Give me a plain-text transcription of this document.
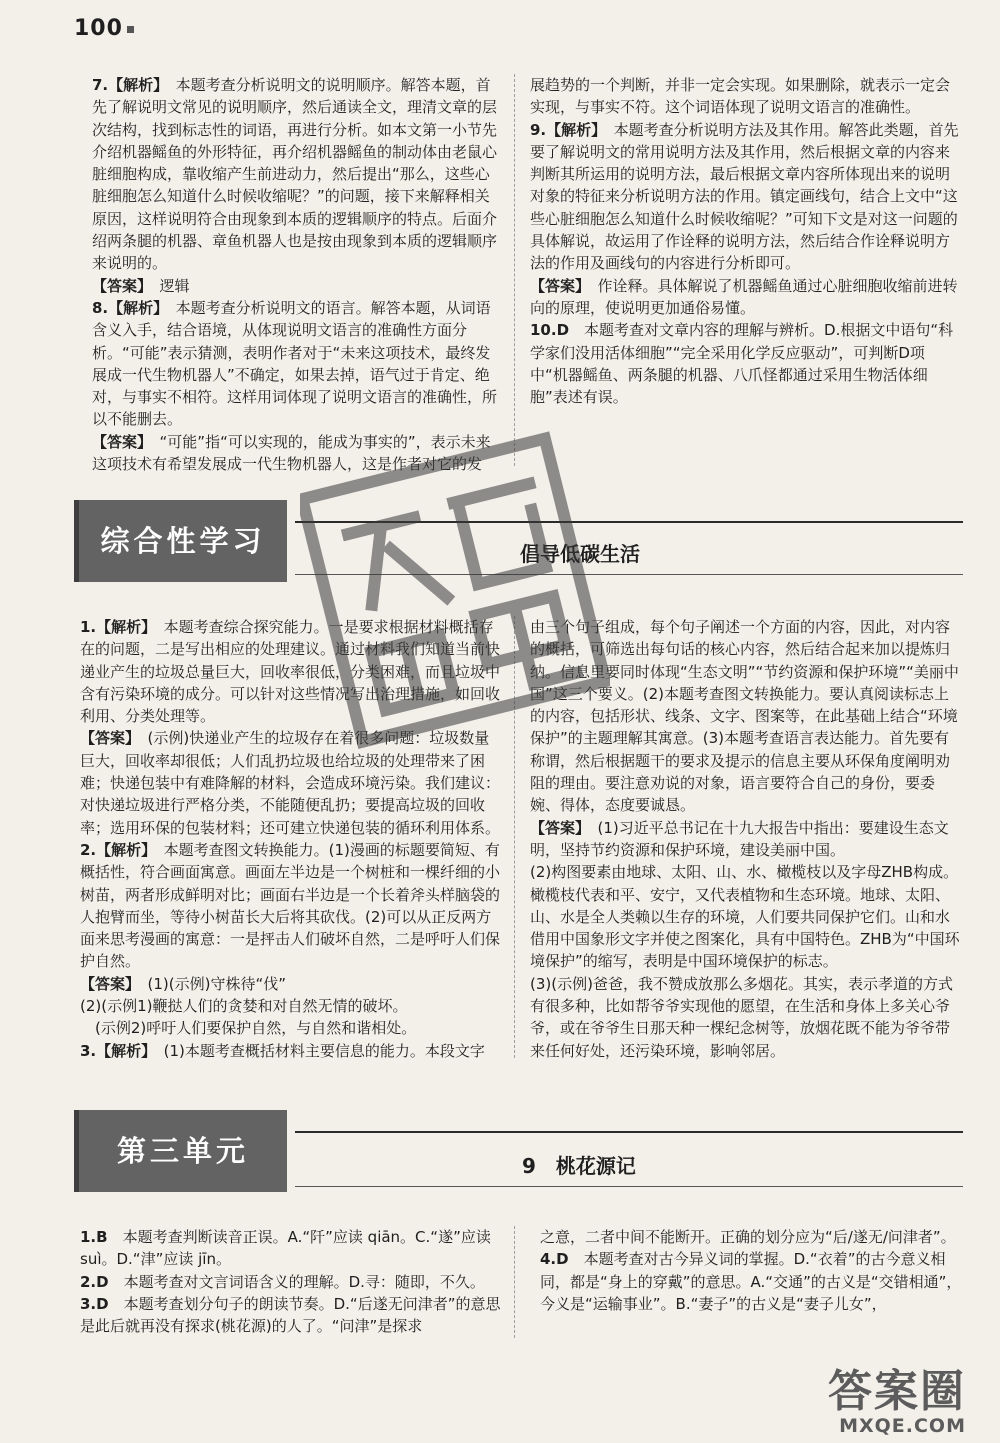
100

7.【解析】　 本题考查分析说明文的说明顺序。解答本题，首先了解说明文常见的说明顺序，然后通读全文，理清文章的层次结构，找到标志性的词语，再进行分析。如本文第一小节先介绍机器鳐鱼的外形特征，再介绍机器鳐鱼的制动体由老鼠心脏细胞构成，靠收缩产生前进动力，然后提出“那么，这些心脏细胞怎么知道什么时候收缩呢？”的问题，接下来解释相关原因，这样说明符合由现象到本质的逻辑顺序的特点。后面介绍两条腿的机器、章鱼机器人也是按由现象到本质的逻辑顺序来说明的。

【答案】　 逻辑

8.【解析】　 本题考查分析说明文的语言。解答本题，从词语含义入手，结合语境，从体现说明文语言的准确性方面分析。“可能”表示猜测，表明作者对于“未来这项技术，最终发展成一代生物机器人”不确定，如果去掉，语气过于肯定、绝对，与事实不相符。这样用词体现了说明文语言的准确性，所以不能删去。

【答案】　 “可能”指“可以实现的，能成为事实的”，表示未来这项技术有希望发展成一代生物机器人，这是作者对它的发

展趋势的一个判断，并非一定会实现。如果删除，就表示一定会实现，与事实不符。这个词语体现了说明文语言的准确性。

9.【解析】　 本题考查分析说明方法及其作用。解答此类题，首先要了解说明文的常用说明方法及其作用，然后根据文章的内容来判断其所运用的说明方法，最后根据文章内容所体现出来的说明对象的特征来分析说明方法的作用。镇定画线句，结合上文中“这些心脏细胞怎么知道什么时候收缩呢？”可知下文是对这一问题的具体解说，故运用了作诠释的说明方法，然后结合作诠释说明方法的作用及画线句的内容进行分析即可。

【答案】　 作诠释。具体解说了机器鳐鱼通过心脏细胞收缩前进转向的原理，使说明更加通俗易懂。

10.D　 本题考查对文章内容的理解与辨析。D.根据文中语句“科学家们没用活体细胞”“完全采用化学反应驱动”，可判断D项中“机器鳐鱼、两条腿的机器、八爪怪都通过采用生物活体细胞”表述有误。

综合性学习	倡导低碳生活

1.【解析】　 本题考查综合探究能力。一是要求根据材料概括存在的问题，二是写出相应的处理建议。通过材料我们知道当前快递业产生的垃圾总量巨大，回收率很低，分类困难，而且垃圾中含有污染环境的成分。可以针对这些情况写出治理措施，如回收利用、分类处理等。

【答案】　 (示例)快递业产生的垃圾存在着很多问题：垃圾数量巨大，回收率却很低；人们乱扔垃圾也给垃圾的处理带来了困难；快递包装中有难降解的材料，会造成环境污染。我们建议：对快递垃圾进行严格分类，不能随便乱扔；要提高垃圾的回收率；选用环保的包装材料；还可建立快递包装的循环利用体系。

2.【解析】　 本题考查图文转换能力。(1)漫画的标题要简短、有概括性，符合画面寓意。画面左半边是一个树桩和一棵纤细的小树苗，两者形成鲜明对比；画面右半边是一个长着斧头样脑袋的人抱臂而坐，等待小树苗长大后将其砍伐。(2)可以从正反两方面来思考漫画的寓意：一是抨击人们破坏自然，二是呼吁人们保护自然。

【答案】　 (1)(示例)守株待“伐”

(2)(示例1)鞭挞人们的贪婪和对自然无情的破坏。

　(示例2)呼吁人们要保护自然，与自然和谐相处。

3.【解析】　 (1)本题考查概括材料主要信息的能力。本段文字

由三个句子组成，每个句子阐述一个方面的内容，因此，对内容的概括，可筛选出每句话的核心内容，然后结合起来加以提炼归纳。信息里要同时体现“生态文明”“节约资源和保护环境”“美丽中国”这三个要义。(2)本题考查图文转换能力。要认真阅读标志上的内容，包括形状、线条、文字、图案等，在此基础上结合“环境保护”的主题理解其寓意。(3)本题考查语言表达能力。首先要有称谓，然后根据题干的要求及提示的信息主要从环保角度阐明劝阻的理由。要注意劝说的对象，语言要符合自己的身份，要委婉、得体，态度要诚恳。

【答案】　 (1)习近平总书记在十九大报告中指出：要建设生态文明，坚持节约资源和保护环境，建设美丽中国。

(2)构图要素由地球、太阳、山、水、橄榄枝以及字母ZHB构成。橄榄枝代表和平、安宁，又代表植物和生态环境。地球、太阳、山、水是全人类赖以生存的环境，人们要共同保护它们。山和水借用中国象形文字并使之图案化，具有中国特色。ZHB为“中国环境保护”的缩写，表明是中国环境保护的标志。

(3)(示例)爸爸，我不赞成放那么多烟花。其实，表示孝道的方式有很多种，比如帮爷爷实现他的愿望，在生活和身体上多关心爷爷，或在爷爷生日那天种一棵纪念树等，放烟花既不能为爷爷带来任何好处，还污染环境，影响邻居。

第三单元	9　 桃花源记

1.B　 本题考查判断读音正误。A.“阡”应读 qiān。C.“遂”应读 suì。D.“津”应读 jīn。

2.D　 本题考查对文言词语含义的理解。D.寻：随即，不久。

3.D　 本题考查划分句子的朗读节奏。D.“后遂无问津者”的意思是此后就再没有探求(桃花源)的人了。“问津”是探求

之意，二者中间不能断开。正确的划分应为“后/遂无/问津者”。

4.D　 本题考查对古今异义词的掌握。D.“衣着”的古今意义相同，都是“身上的穿戴”的意思。A.“交通”的古义是“交错相通”，今义是“运输事业”。B.“妻子”的古义是“妻子儿女”，

答案圈
MXQE.COM
